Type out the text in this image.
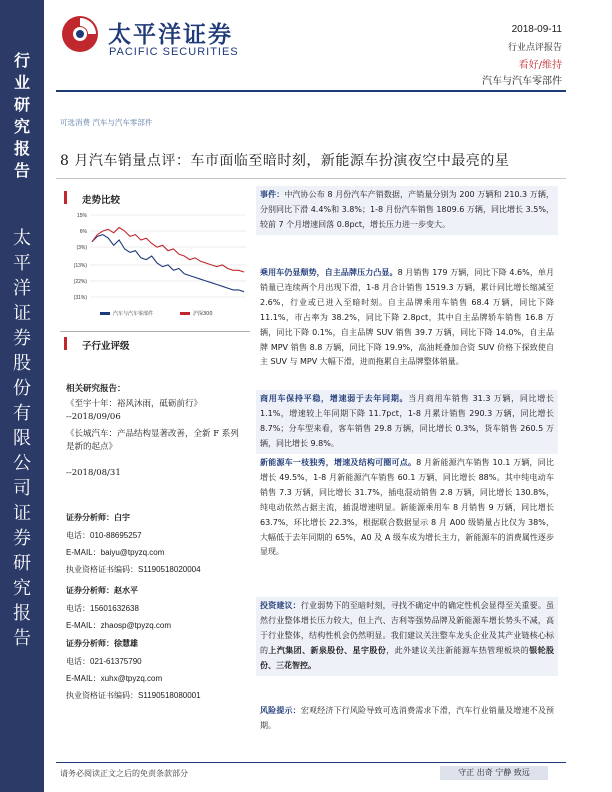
行
业
研
究
报
告
太
平
洋
证
券
股
份
有
限
公
司
证
券
研
究
报
告
太平洋证券
PACIFIC SECURITIES
2018-09-11
行业点评报告
看好/维持
汽车与汽车零部件
可选消费 汽车与汽车零部件
8 月汽车销量点评：车市面临至暗时刻，新能源车扮演夜空中最亮的星
走势比较
15%
6%
(3%)
(13%)
(22%)
(31%)
汽车与汽车零部件	沪深300
子行业评级
相关研究报告：
《至宇十年：裕风沐雨，砥砺前行》
--2018/09/06
《长城汽车：产品结构显著改善，全新 F 系列是新的起点》
--2018/08/31
证券分析师：白宇
电话：010-88695257
E-MAIL：baiyu@tpyzq.com
执业资格证书编码：S1190518020004
证券分析师：赵水平
电话：15601632638
E-MAIL：zhaosp@tpyzq.com
证券分析师：徐慧雄
电话：021-61375790
E-MAIL：xuhx@tpyzq.com
执业资格证书编码：S1190518080001
事件：中汽协公布 8 月份汽车产销数据，产销量分别为 200 万辆和 210.3 万辆，分别同比下滑 4.4%和 3.8%；1-8 月份汽车销售 1809.6 万辆，同比增长 3.5%，较前 7 个月增速回落 0.8pct，增长压力进一步变大。
乘用车仍显颓势，自主品牌压力凸显。8 月销售 179 万辆，同比下降 4.6%，单月销量已连续两个月出现下滑，1-8 月合计销售 1519.3 万辆，累计同比增长缩减至 2.6%，行业或已进入至暗时刻。自主品牌乘用车销售 68.4 万辆，同比下降 11.1%，市占率为 38.2%，同比下降 2.8pct，其中自主品牌轿车销售 16.8 万辆，同比下降 0.1%，自主品牌 SUV 销售 39.7 万辆，同比下降 14.0%，自主品牌 MPV 销售 8.8 万辆，同比下降 19.9%，高油耗叠加合资 SUV 价格下探致使自主 SUV 与 MPV 大幅下滑，进而拖累自主品牌整体销量。
商用车保持平稳，增速弱于去年同期。当月商用车销售 31.3 万辆，同比增长 1.1%，增速较上年同期下降 11.7pct，1-8 月累计销售 290.3 万辆，同比增长 8.7%；分车型来看，客车销售 29.8 万辆，同比增长 0.3%，货车销售 260.5 万辆，同比增长 9.8%。
新能源车一枝独秀，增速及结构可圈可点。8 月新能源汽车销售 10.1 万辆，同比增长 49.5%，1-8 月新能源汽车销售 60.1 万辆，同比增长 88%。其中纯电动车销售 7.3 万辆，同比增长 31.7%，插电混动销售 2.8 万辆，同比增长 130.8%，纯电动依然占据主流，插混增速明显。新能源乘用车 8 月销售 9 万辆，同比增长 63.7%，环比增长 22.3%，根据联合数据显示 8 月 A00 级销量占比仅为 38%，大幅低于去年同期的 65%，A0 及 A 级车成为增长主力，新能源车的消费属性逐步显现。
投资建议：行业弱势下的至暗时刻，寻找不确定中的确定性机会显得至关重要。虽然行业整体增长压力较大，但上汽、吉利等强势品牌及新能源车增长势头不减，高于行业整体，结构性机会仍然明显。我们建议关注整车龙头企业及其产业链核心标的上汽集团、新泉股份、星宇股份，此外建议关注新能源车热管理板块的银轮股份、三花智控。
风险提示：宏观经济下行风险导致可选消费需求下滑，汽车行业销量及增速不及预期。
请务必阅读正文之后的免责条款部分	守正 出奇 宁静 致远
